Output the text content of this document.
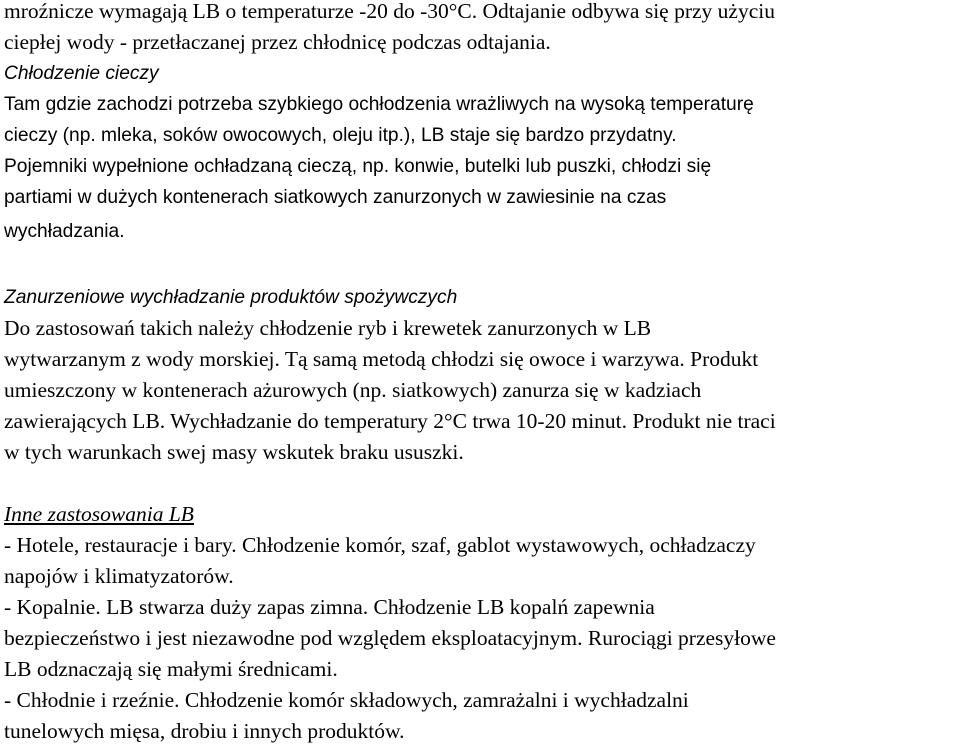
mroźnicze wymagają LB o temperaturze -20 do -30°C. Odtajanie odbywa się przy użyciu
ciepłej wody - przetłaczanej przez chłodnicę podczas odtajania.
Chłodzenie cieczy
Tam gdzie zachodzi potrzeba szybkiego ochłodzenia wrażliwych na wysoką temperaturę
cieczy (np. mleka, soków owocowych, oleju itp.), LB staje się bardzo przydatny.
Pojemniki wypełnione ochładzaną cieczą, np. konwie, butelki lub puszki, chłodzi się
partiami w dużych kontenerach siatkowych zanurzonych w zawiesinie na czas
wychładzania.
Zanurzeniowe wychładzanie produktów spożywczych
Do zastosowań takich należy chłodzenie ryb i krewetek zanurzonych w LB
wytwarzanym z wody morskiej. Tą samą metodą chłodzi się owoce i warzywa. Produkt
umieszczony w kontenerach ażurowych (np. siatkowych) zanurza się w kadziach
zawierających LB. Wychładzanie do temperatury 2°C trwa 10-20 minut. Produkt nie traci
w tych warunkach swej masy wskutek braku ususzki.
Inne zastosowania LB
- Hotele, restauracje i bary. Chłodzenie komór, szaf, gablot wystawowych, ochładzaczy
napojów i klimatyzatorów.
- Kopalnie. LB stwarza duży zapas zimna. Chłodzenie LB kopalń zapewnia
bezpieczeństwo i jest niezawodne pod względem eksploatacyjnym. Rurociągi przesyłowe
LB odznaczają się małymi średnicami.
- Chłodnie i rzeźnie. Chłodzenie komór składowych, zamrażalni i wychładzalni
tunelowych mięsa, drobiu i innych produktów.
